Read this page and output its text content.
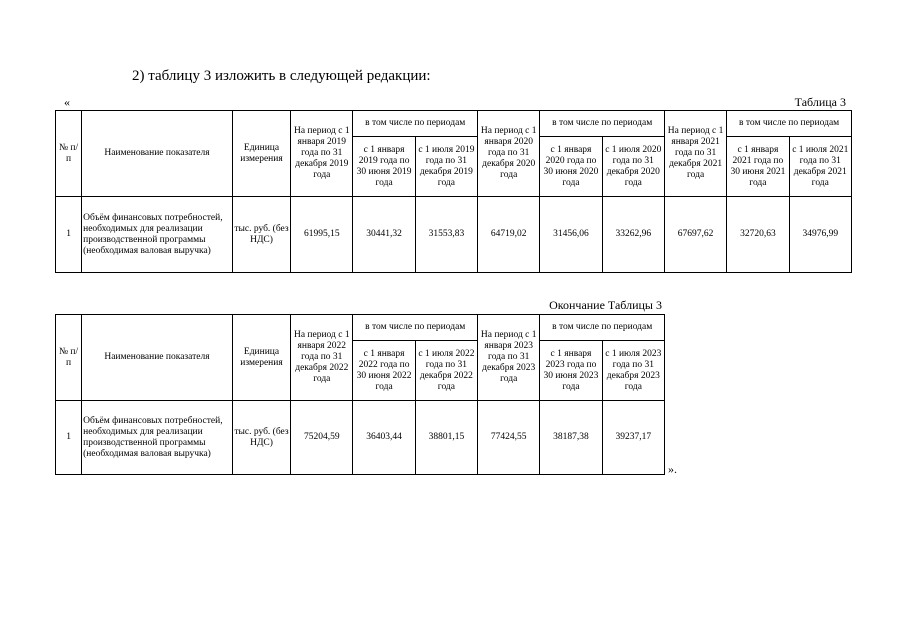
2) таблицу 3 изложить в следующей редакции:
«	Таблица 3
№ п/п	Наименование показателя	Единица измерения	На период с 1 января 2019 года по 31 декабря 2019 года	в том числе по периодам		На период с 1 января 2020 года по 31 декабря 2020 года	в том числе по периодам		На период с 1 января 2021 года по 31 декабря 2021 года	в том числе по периодам	
				с 1 января 2019 года по 30 июня 2019 года	с 1 июля 2019 года по 31 декабря 2019 года		с 1 января 2020 года по 30 июня 2020 года	с 1 июля 2020 года по 31 декабря 2020 года		с 1 января 2021 года по 30 июня 2021 года	с 1 июля 2021 года по 31 декабря 2021 года
1	Объём финансовых потребностей, необходимых для реализации производственной программы (необходимая валовая выручка)	тыс. руб. (без НДС)	61995,15	30441,32	31553,83	64719,02	31456,06	33262,96	67697,62	32720,63	34976,99
Окончание Таблицы 3
№ п/п	Наименование показателя	Единица измерения	На период с 1 января 2022 года по 31 декабря 2022 года	в том числе по периодам		На период с 1 января 2023 года по 31 декабря 2023 года	в том числе по периодам	
				с 1 января 2022 года по 30 июня 2022 года	с 1 июля 2022 года по 31 декабря 2022 года		с 1 января 2023 года по 30 июня 2023 года	с 1 июля 2023 года по 31 декабря 2023 года
1	Объём финансовых потребностей, необходимых для реализации производственной программы (необходимая валовая выручка)	тыс. руб. (без НДС)	75204,59	36403,44	38801,15	77424,55	38187,38	39237,17
».
